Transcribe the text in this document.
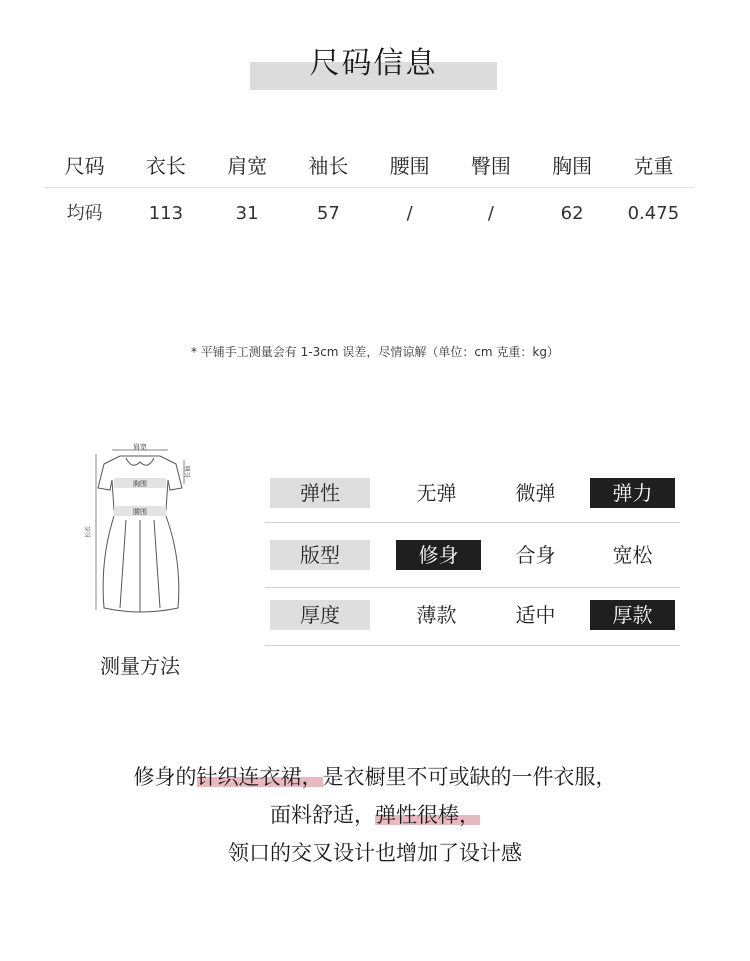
尺码信息
尺码	衣长	肩宽	袖长	腰围	臀围	胸围	克重
均码	113	31	57	/	/	62	0.475
* 平铺手工测量会有 1-3cm 误差，尽情谅解（单位：cm 克重：kg）
肩宽
胸围
腰围
长衣
长袖
测量方法
弹性	无弹	微弹	弹力
版型	修身	合身	宽松
厚度	薄款	适中	厚款
修身的针织连衣裙，是衣橱里不可或缺的一件衣服，
面料舒适，弹性很棒，
领口的交叉设计也增加了设计感
